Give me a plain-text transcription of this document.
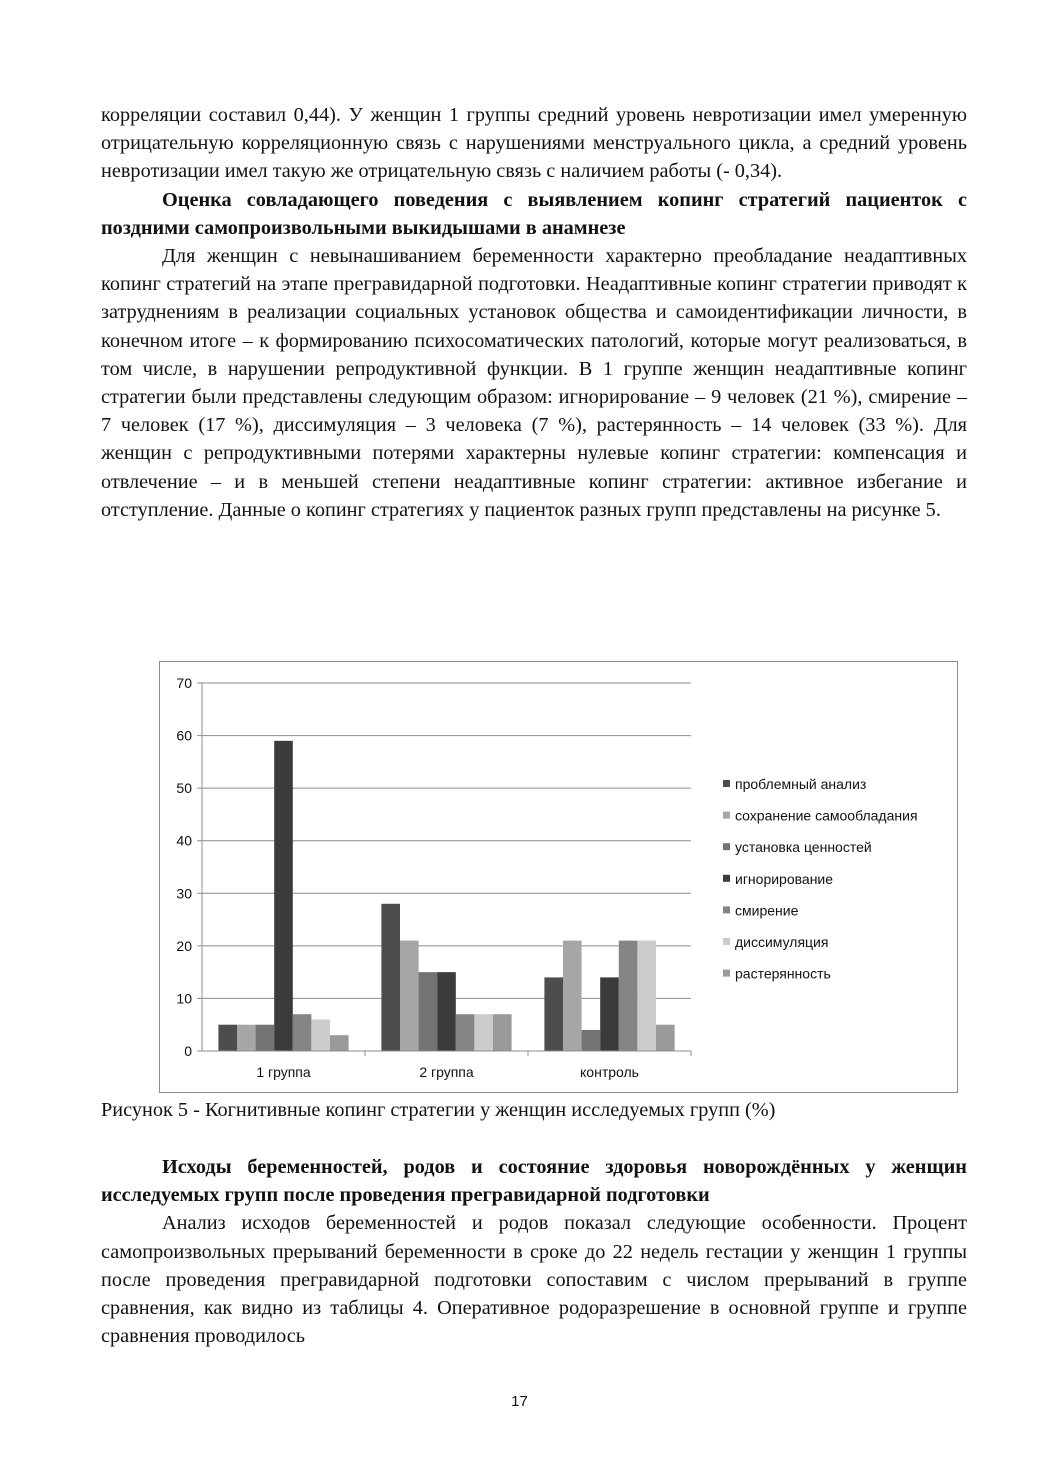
корреляции составил 0,44). У женщин 1 группы средний уровень невротизации имел умеренную отрицательную корреляционную связь с нарушениями менструального цикла, а средний уровень невротизации имел такую же отрицательную связь с наличием работы (- 0,34).

Оценка совладающего поведения с выявлением копинг стратегий пациенток с поздними самопроизвольными выкидышами в анамнезе

Для женщин с невынашиванием беременности характерно преобладание неадаптивных копинг стратегий на этапе прегравидарной подготовки. Неадаптивные копинг стратегии приводят к затруднениям в реализации социальных установок общества и самоидентификации личности, в конечном итоге – к формированию психосоматических патологий, которые могут реализоваться, в том числе, в нарушении репродуктивной функции. В 1 группе женщин неадаптивные копинг стратегии были представлены следующим образом: игнорирование – 9 человек (21 %), смирение – 7 человек (17 %), диссимуляция – 3 человека (7 %), растерянность – 14 человек (33 %). Для женщин с репродуктивными потерями характерны нулевые копинг стратегии: компенсация и отвлечение – и в меньшей степени неадаптивные копинг стратегии: активное избегание и отступление. Данные о копинг стратегиях у пациенток разных групп представлены на рисунке 5.

0
10
20
30
40
50
60
70
1 группа	2 группа	контроль
проблемный анализ
сохранение самообладания
установка ценностей
игнорирование
смирение
диссимуляция
растерянность
Рисунок 5 - Когнитивные копинг стратегии у женщин исследуемых групп (%)

Исходы беременностей, родов и состояние здоровья новорождённых у женщин исследуемых групп после проведения прегравидарной подготовки

Анализ исходов беременностей и родов показал следующие особенности. Процент самопроизвольных прерываний беременности в сроке до 22 недель гестации у женщин 1 группы после проведения прегравидарной подготовки сопоставим с числом прерываний в группе сравнения, как видно из таблицы 4. Оперативное родоразрешение в основной группе и группе сравнения проводилось

17
